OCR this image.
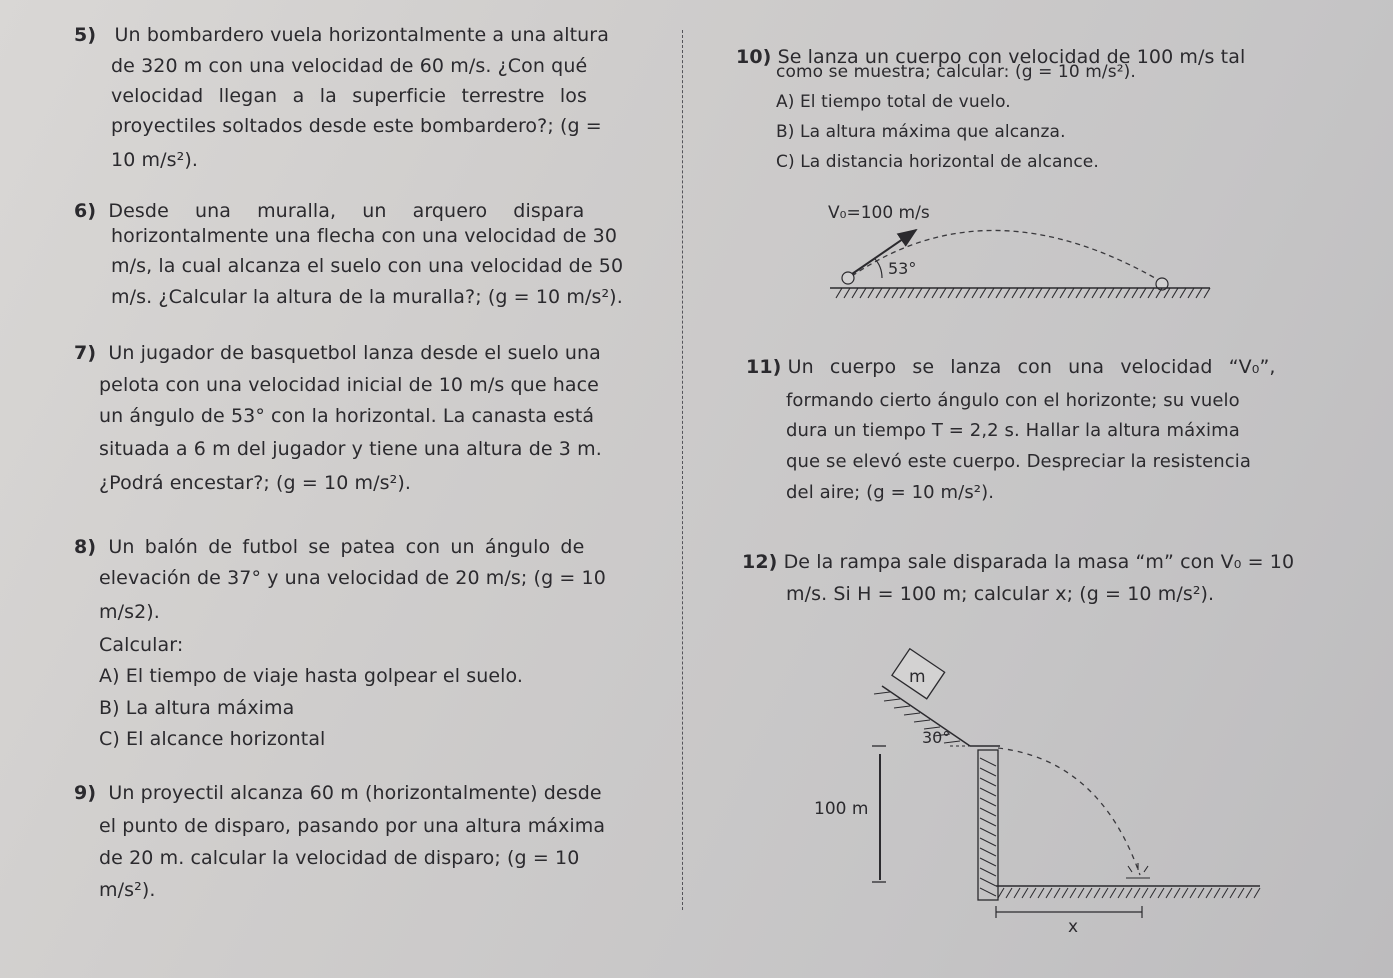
5) Un bombardero vuela horizontalmente a una altura
de 320 m con una velocidad de 60 m/s. ¿Con qué
velocidad llegan a la superficie terrestre los
proyectiles soltados desde este bombardero?; (g =
10 m/s²).
6) Desde una muralla, un arquero dispara
horizontalmente una flecha con una velocidad de 30
m/s, la cual alcanza el suelo con una velocidad de 50
m/s. ¿Calcular la altura de la muralla?; (g = 10 m/s²).
7) Un jugador de basquetbol lanza desde el suelo una
pelota con una velocidad inicial de 10 m/s que hace
un ángulo de 53° con la horizontal. La canasta está
situada a 6 m del jugador y tiene una altura de 3 m.
¿Podrá encestar?; (g = 10 m/s²).
8) Un balón de futbol se patea con un ángulo de
elevación de 37° y una velocidad de 20 m/s; (g = 10
m/s2).
Calcular:
A) El tiempo de viaje hasta golpear el suelo.
B) La altura máxima
C) El alcance horizontal
9) Un proyectil alcanza 60 m (horizontalmente) desde
el punto de disparo, pasando por una altura máxima
de 20 m. calcular la velocidad de disparo; (g = 10
m/s²).
10) Se lanza un cuerpo con velocidad de 100 m/s tal
como se muestra; calcular: (g = 10 m/s²).
A) El tiempo total de vuelo.
B) La altura máxima que alcanza.
C) La distancia horizontal de alcance.
V₀=100 m/s
53°
11) Un cuerpo se lanza con una velocidad “V₀”,
formando cierto ángulo con el horizonte; su vuelo
dura un tiempo T = 2,2 s. Hallar la altura máxima
que se elevó este cuerpo. Despreciar la resistencia
del aire; (g = 10 m/s²).
12) De la rampa sale disparada la masa “m” con V₀ = 10
m/s. Si H = 100 m; calcular x; (g = 10 m/s²).
m
30°
100 m
x
